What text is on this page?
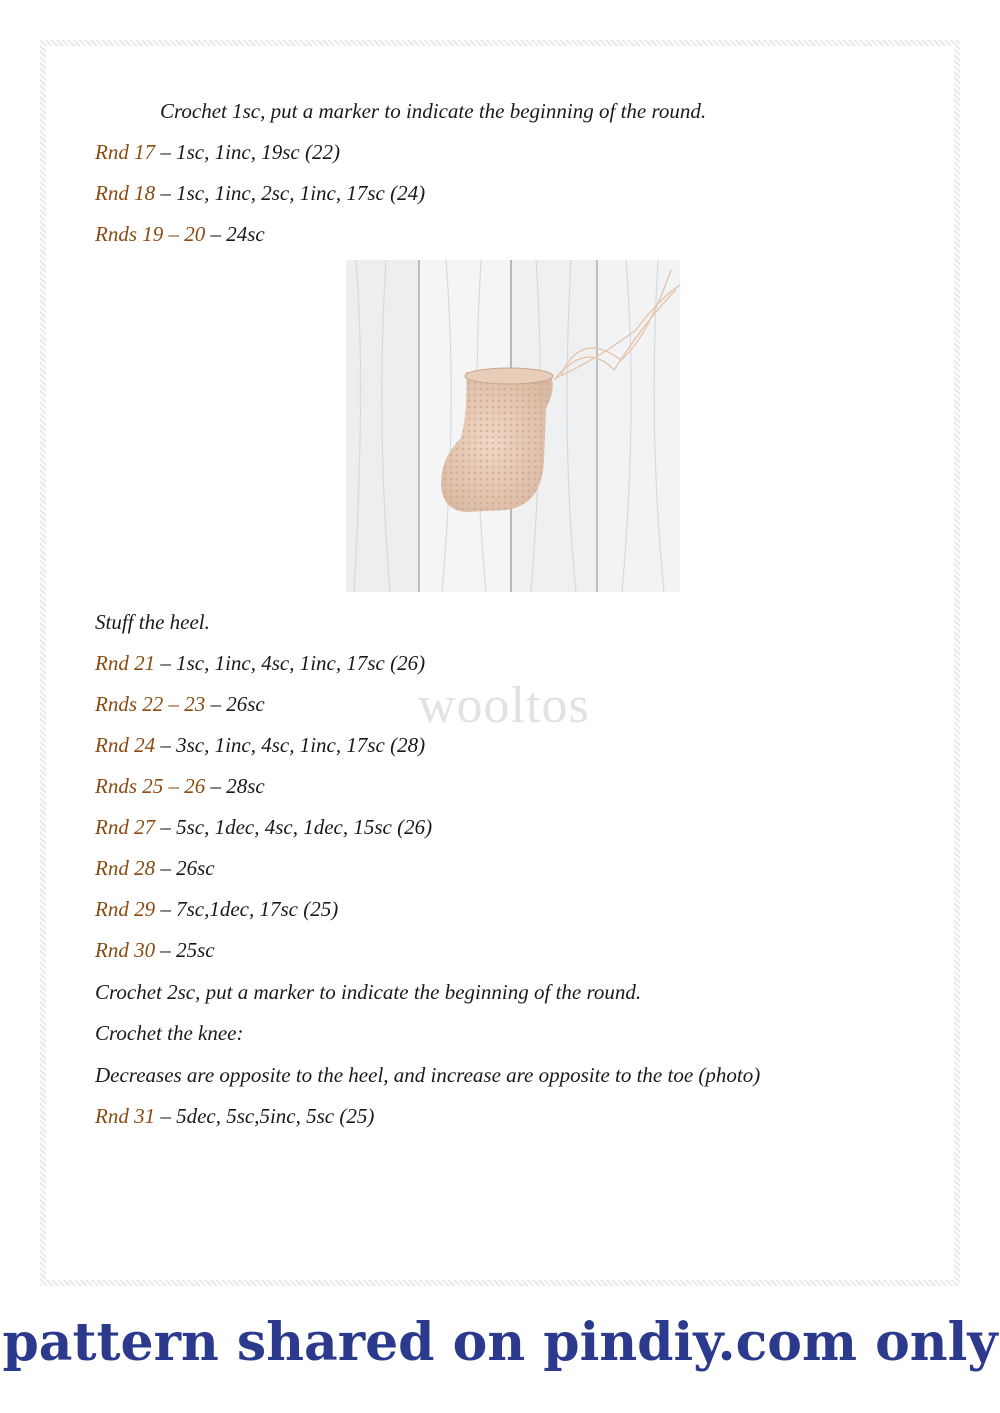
Crochet 1sc, put a marker to indicate the beginning of the round.
Rnd 17 – 1sc, 1inc, 19sc (22)
Rnd 18 – 1sc, 1inc, 2sc, 1inc, 17sc (24)
Rnds 19 – 20 – 24sc
Stuff the heel.
Rnd 21 – 1sc, 1inc, 4sc, 1inc, 17sc (26)
Rnds 22 – 23 – 26sc
Rnd 24 – 3sc, 1inc, 4sc, 1inc, 17sc (28)
Rnds 25 – 26 – 28sc
Rnd 27 – 5sc, 1dec, 4sc, 1dec, 15sc (26)
Rnd 28 – 26sc
Rnd 29 – 7sc,1dec, 17sc (25)
Rnd 30 – 25sc
Crochet 2sc, put a marker to indicate the beginning of the round.
Crochet the knee:
Decreases are opposite to the heel, and increase are opposite to the toe (photo)
Rnd 31 – 5dec, 5sc,5inc, 5sc (25)
wooltos
pattern shared on pindiy.com only
